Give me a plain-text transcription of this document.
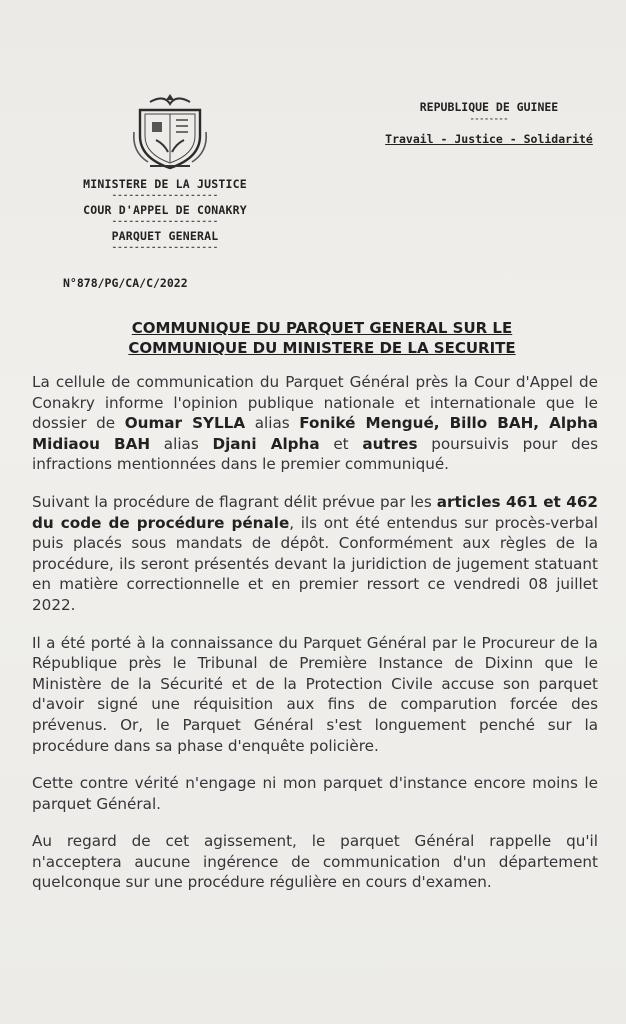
MINISTERE DE LA JUSTICE
-------------------
COUR D'APPEL DE CONAKRY
-------------------
PARQUET GENERAL
-------------------
N°878/PG/CA/C/2022
REPUBLIQUE DE GUINEE
--------
Travail - Justice - Solidarité
COMMUNIQUE DU PARQUET GENERAL SUR LE
COMMUNIQUE DU MINISTERE DE LA SECURITE

La cellule de communication du Parquet Général près la Cour d'Appel de Conakry informe l'opinion publique nationale et internationale que le dossier de Oumar SYLLA alias Foniké Mengué, Billo BAH, Alpha Midiaou BAH alias Djani Alpha et autres poursuivis pour des infractions mentionnées dans le premier communiqué.

Suivant la procédure de flagrant délit prévue par les articles 461 et 462 du code de procédure pénale, ils ont été entendus sur procès-verbal puis placés sous mandats de dépôt. Conformément aux règles de la procédure, ils seront présentés devant la juridiction de jugement statuant en matière correctionnelle et en premier ressort ce vendredi 08 juillet 2022.

Il a été porté à la connaissance du Parquet Général par le Procureur de la République près le Tribunal de Première Instance de Dixinn que le Ministère de la Sécurité et de la Protection Civile accuse son parquet d'avoir signé une réquisition aux fins de comparution forcée des prévenus. Or, le Parquet Général s'est longuement penché sur la procédure dans sa phase d'enquête policière.

Cette contre vérité n'engage ni mon parquet d'instance encore moins le parquet Général.

Au regard de cet agissement, le parquet Général rappelle qu'il n'acceptera aucune ingérence de communication d'un département quelconque sur une procédure régulière en cours d'examen.
